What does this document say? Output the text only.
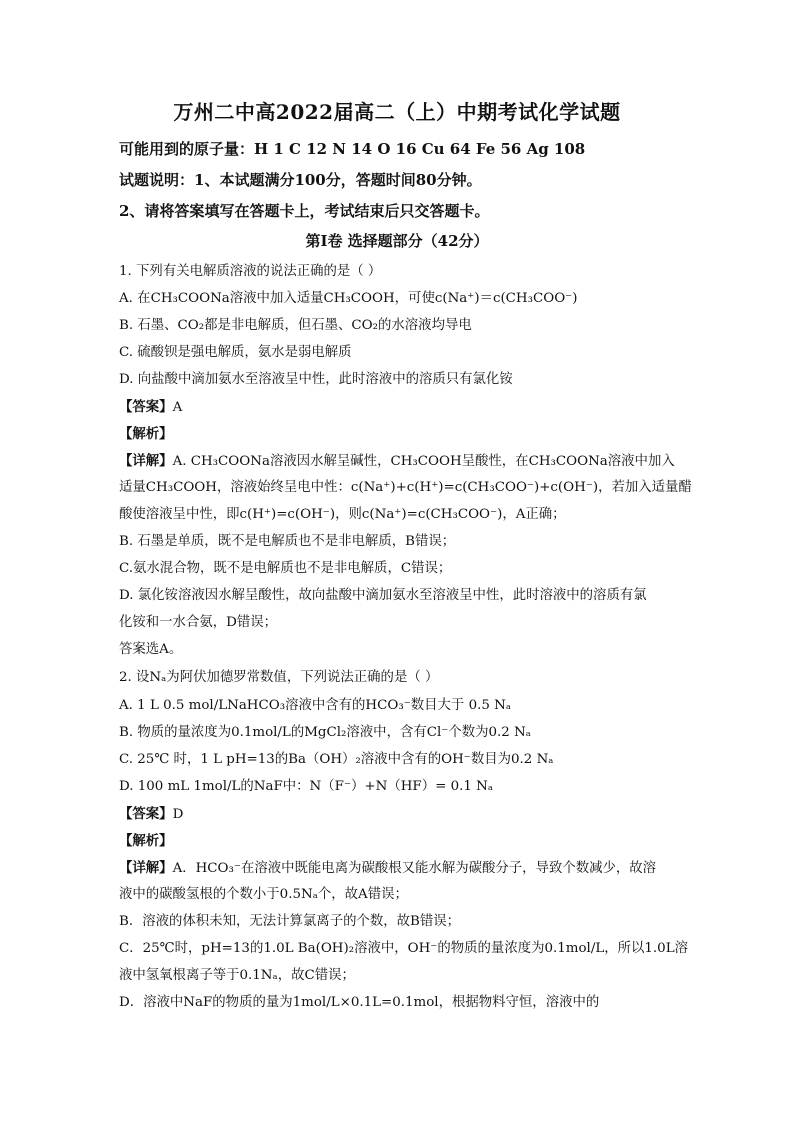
万州二中高2022届高二（上）中期考试化学试题
可能用到的原子量：H 1 C 12 N 14 O 16 Cu 64 Fe 56 Ag 108
试题说明：1、本试题满分100分，答题时间80分钟。
2、请将答案填写在答题卡上，考试结束后只交答题卡。
第Ⅰ卷 选择题部分（42分）
1. 下列有关电解质溶液的说法正确的是（ ）
A. 在CH₃COONa溶液中加入适量CH₃COOH，可使c(Na⁺)＝c(CH₃COO⁻)
B. 石墨、CO₂都是非电解质，但石墨、CO₂的水溶液均导电
C. 硫酸钡是强电解质，氨水是弱电解质
D. 向盐酸中滴加氨水至溶液呈中性，此时溶液中的溶质只有氯化铵
【答案】A
【解析】
【详解】A. CH₃COONa溶液因水解呈碱性，CH₃COOH呈酸性，在CH₃COONa溶液中加入
适量CH₃COOH，溶液始终呈电中性：c(Na⁺)+c(H⁺)=c(CH₃COO⁻)+c(OH⁻)，若加入适量醋
酸使溶液呈中性，即c(H⁺)=c(OH⁻)，则c(Na⁺)=c(CH₃COO⁻)，A正确；
B. 石墨是单质，既不是电解质也不是非电解质，B错误；
C.氨水混合物，既不是电解质也不是非电解质，C错误；
D. 氯化铵溶液因水解呈酸性，故向盐酸中滴加氨水至溶液呈中性，此时溶液中的溶质有氯
化铵和一水合氨，D错误；
答案选A。
2. 设Nₐ为阿伏加德罗常数值，下列说法正确的是（ ）
A. 1 L 0.5 mol/LNaHCO₃溶液中含有的HCO₃⁻数目大于 0.5 Nₐ
B. 物质的量浓度为0.1mol/L的MgCl₂溶液中，含有Cl⁻个数为0.2 Nₐ
C. 25℃ 时，1 L pH=13的Ba（OH）₂溶液中含有的OH⁻数目为0.2 Nₐ
D. 100 mL 1mol/L的NaF中：N（F⁻）+N（HF）= 0.1 Nₐ
【答案】D
【解析】
【详解】A．HCO₃⁻在溶液中既能电离为碳酸根又能水解为碳酸分子，导致个数减少，故溶
液中的碳酸氢根的个数小于0.5Nₐ个，故A错误；
B．溶液的体积未知，无法计算氯离子的个数，故B错误；
C．25℃时，pH=13的1.0L Ba(OH)₂溶液中，OH⁻的物质的量浓度为0.1mol/L，所以1.0L溶
液中氢氧根离子等于0.1Nₐ，故C错误；
D．溶液中NaF的物质的量为1mol/L×0.1L=0.1mol，根据物料守恒，溶液中的
